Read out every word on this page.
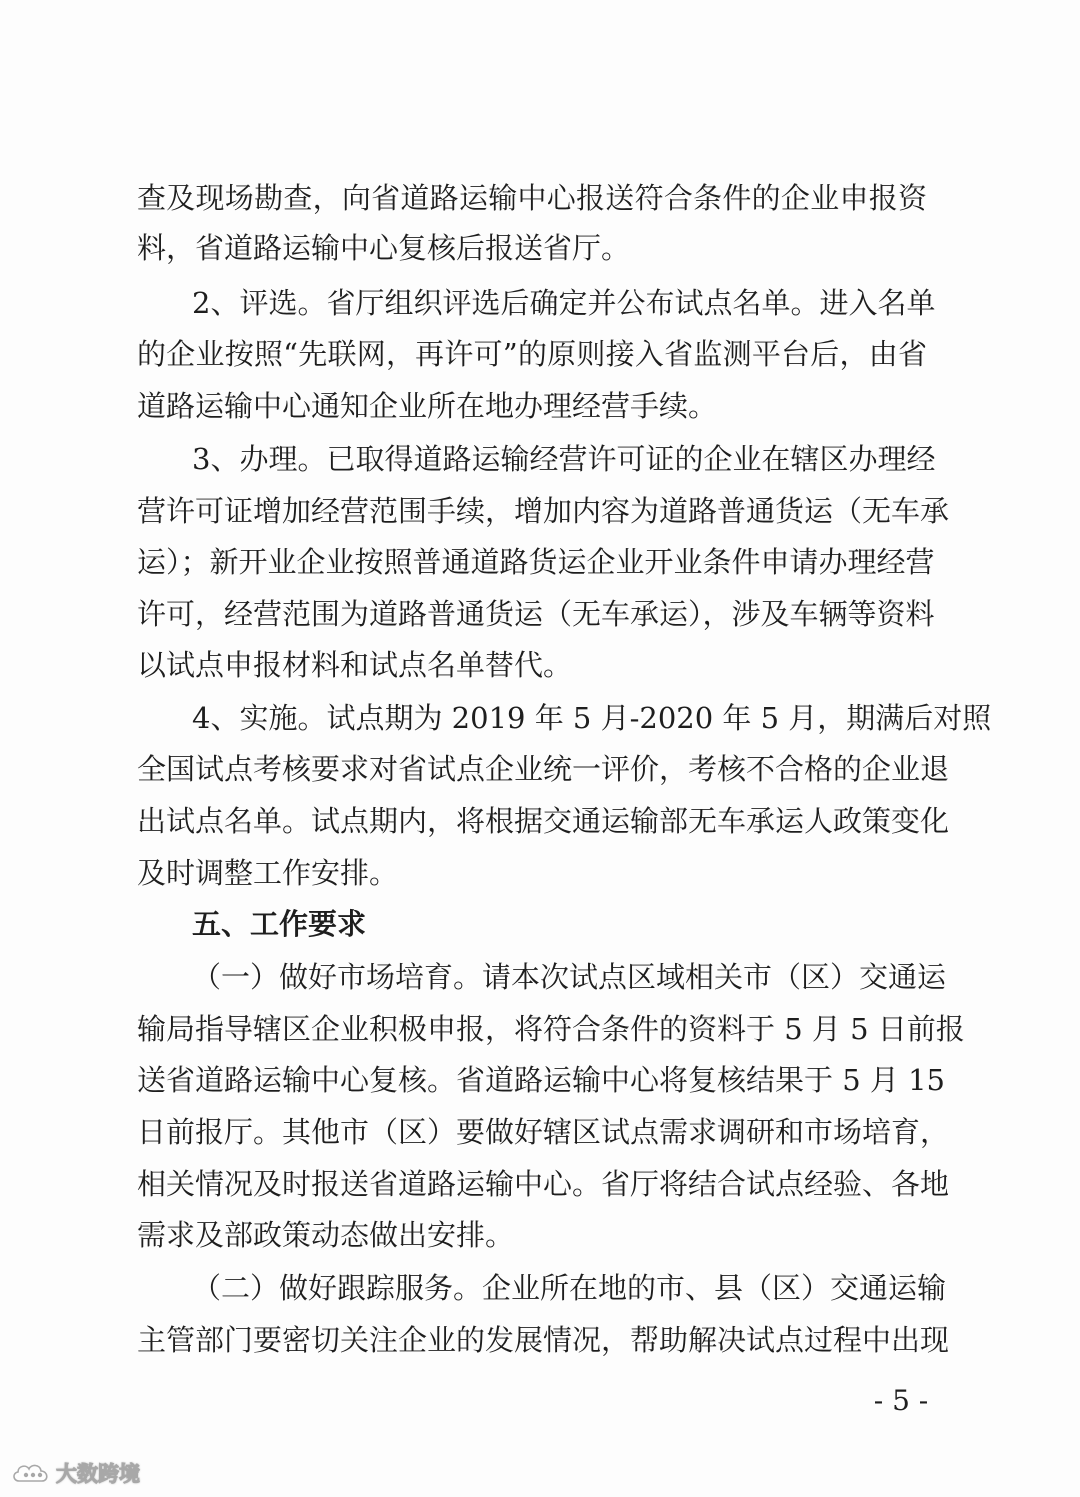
查及现场勘查，向省道路运输中心报送符合条件的企业申报资
料，省道路运输中心复核后报送省厅。
2、评选。省厅组织评选后确定并公布试点名单。进入名单
的企业按照“先联网，再许可”的原则接入省监测平台后，由省
道路运输中心通知企业所在地办理经营手续。
3、办理。已取得道路运输经营许可证的企业在辖区办理经
营许可证增加经营范围手续，增加内容为道路普通货运（无车承
运）；新开业企业按照普通道路货运企业开业条件申请办理经营
许可，经营范围为道路普通货运（无车承运），涉及车辆等资料
以试点申报材料和试点名单替代。
4、实施。试点期为 2019 年 5 月-2020 年 5 月，期满后对照
全国试点考核要求对省试点企业统一评价，考核不合格的企业退
出试点名单。试点期内，将根据交通运输部无车承运人政策变化
及时调整工作安排。
五、工作要求
（一）做好市场培育。请本次试点区域相关市（区）交通运
输局指导辖区企业积极申报，将符合条件的资料于 5 月 5 日前报
送省道路运输中心复核。省道路运输中心将复核结果于 5 月 15
日前报厅。其他市（区）要做好辖区试点需求调研和市场培育，
相关情况及时报送省道路运输中心。省厅将结合试点经验、各地
需求及部政策动态做出安排。
（二）做好跟踪服务。企业所在地的市、县（区）交通运输
主管部门要密切关注企业的发展情况，帮助解决试点过程中出现
- 5 -
大数跨境
